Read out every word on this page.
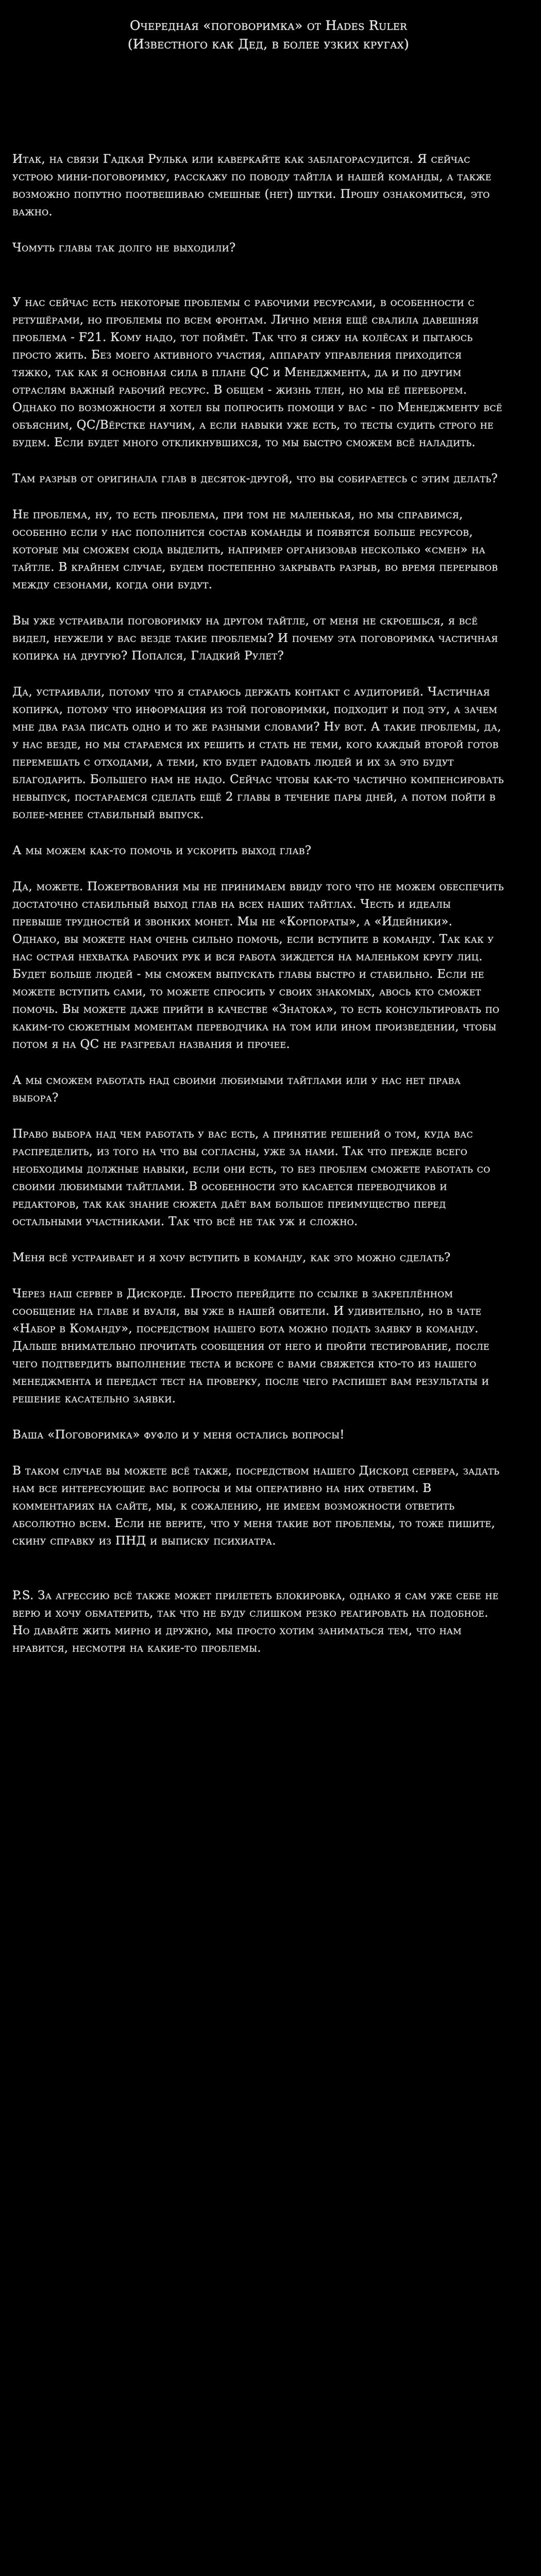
Очередная «поговоримка» от Hades Ruler
(Известного как Дед, в более узких кругах)

Итак, на связи Гадкая Рулька или каверкайте как заблагорасудится. Я сейчас устрою мини-поговоримку, расскажу по поводу тайтла и нашей команды, а также возможно попутно поотвешиваю смешные (нет) шутки. Прошу ознакомиться, это важно.

Чомуть главы так долго не выходили?

У нас сейчас есть некоторые проблемы с рабочими ресурсами, в особенности с ретушёрами, но проблемы по всем фронтам. Лично меня ещё свалила давешняя проблема - F21. Кому надо, тот поймёт. Так что я сижу на колёсах и пытаюсь просто жить. Без моего активного участия, аппарату управления приходится тяжко, так как я основная сила в плане QC и Менеджмента, да и по другим отраслям важный рабочий ресурс. В общем - жизнь тлен, но мы её переборем. Однако по возможности я хотел бы попросить помощи у вас - по Менеджменту всё объясним, QC/Вёрстке научим, а если навыки уже есть, то тесты судить строго не будем. Если будет много откликнувшихся, то мы быстро сможем всё наладить.

Там разрыв от оригинала глав в десяток-другой, что вы собираетесь с этим делать?

Не проблема, ну, то есть проблема, при том не маленькая, но мы справимся, особенно если у нас пополнится состав команды и появятся больше ресурсов, которые мы сможем сюда выделить, например организовав несколько «смен» на тайтле. В крайнем случае, будем постепенно закрывать разрыв, во время перерывов между сезонами, когда они будут.

Вы уже устраивали поговоримку на другом тайтле, от меня не скроешься, я всё видел, неужели у вас везде такие проблемы? И почему эта поговоримка частичная копирка на другую? Попался, Гладкий Рулет?

Да, устраивали, потому что я стараюсь держать контакт с аудиторией. Частичная копирка, потому что информация из той поговоримки, подходит и под эту, а зачем мне два раза писать одно и то же разными словами? Ну вот. А такие проблемы, да, у нас везде, но мы стараемся их решить и стать не теми, кого каждый второй готов перемешать с отходами, а теми, кто будет радовать людей и их за это будут благодарить. Большего нам не надо. Сейчас чтобы как-то частично компенсировать невыпуск, постараемся сделать ещё 2 главы в течение пары дней, а потом пойти в более-менее стабильный выпуск.

А мы можем как-то помочь и ускорить выход глав?

Да, можете. Пожертвования мы не принимаем ввиду того что не можем обеспечить достаточно стабильный выход глав на всех наших тайтлах. Честь и идеалы превыше трудностей и звонких монет. Мы не «Корпораты», а «Идейники». Однако, вы можете нам очень сильно помочь, если вступите в команду. Так как у нас острая нехватка рабочих рук и вся работа зиждется на маленьком кругу лиц. Будет больше людей - мы сможем выпускать главы быстро и стабильно. Если не можете вступить сами, то можете спросить у своих знакомых, авось кто сможет помочь. Вы можете даже прийти в качестве «Знатока», то есть консультировать по каким-то сюжетным моментам переводчика на том или ином произведении, чтобы потом я на QC не разгребал названия и прочее.

А мы сможем работать над своими любимыми тайтлами или у нас нет права выбора?

Право выбора над чем работать у вас есть, а принятие решений о том, куда вас распределить, из того на что вы согласны, уже за нами. Так что прежде всего необходимы должные навыки, если они есть, то без проблем сможете работать со своими любимыми тайтлами. В особенности это касается переводчиков и редакторов, так как знание сюжета даёт вам большое преимущество перед остальными участниками. Так что всё не так уж и сложно.

Меня всё устраивает и я хочу вступить в команду, как это можно сделать?

Через наш сервер в Дискорде. Просто перейдите по ссылке в закреплённом сообщение на главе и вуаля, вы уже в нашей обители. И удивительно, но в чате «Набор в Команду», посредством нашего бота можно подать заявку в команду. Дальше внимательно прочитать сообщения от него и пройти тестирование, после чего подтвердить выполнение теста и вскоре с вами свяжется кто-то из нашего менеджмента и передаст тест на проверку, после чего распишет вам результаты и решение касательно заявки.

Ваша «Поговоримка» фуфло и у меня остались вопросы!

В таком случае вы можете всё также, посредством нашего Дискорд сервера, задать нам все интересующие вас вопросы и мы оперативно на них ответим. В комментариях на сайте, мы, к сожалению, не имеем возможности ответить абсолютно всем. Если не верите, что у меня такие вот проблемы, то тоже пишите, скину справку из ПНД и выписку психиатра.

P.S. За агрессию всё также может прилететь блокировка, однако я сам уже себе не верю и хочу обматерить, так что не буду слишком резко реагировать на подобное. Но давайте жить мирно и дружно, мы просто хотим заниматься тем, что нам нравится, несмотря на какие-то проблемы.
